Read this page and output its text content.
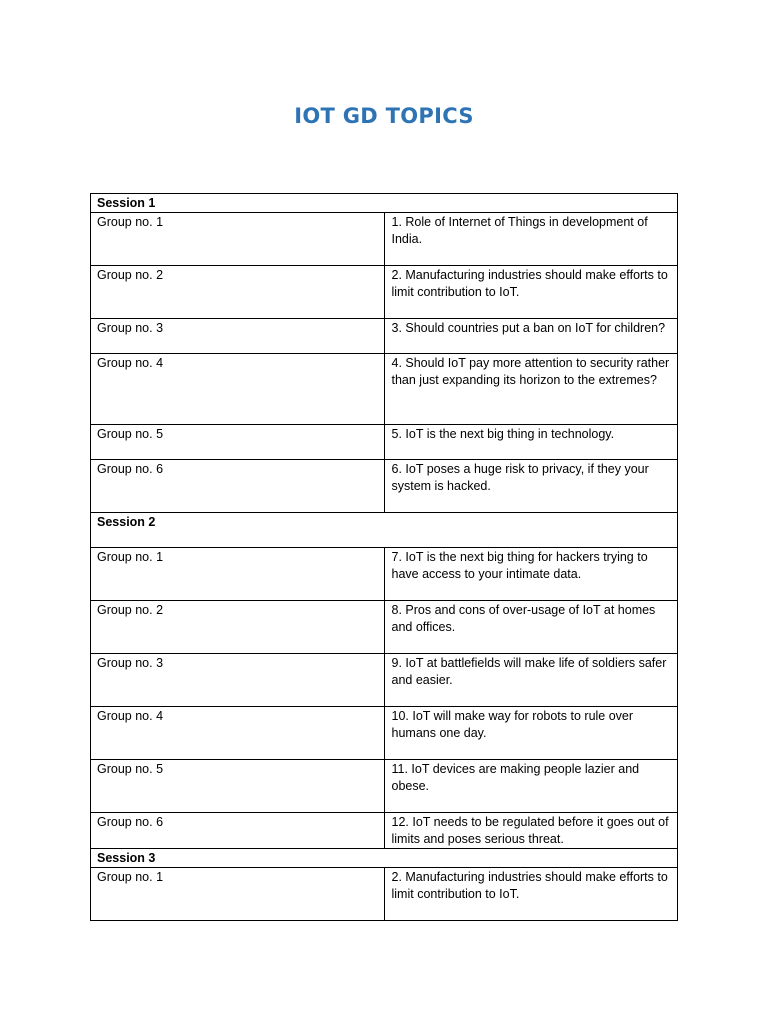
IOT GD TOPICS
Session 1	
Group no. 1	1. Role of Internet of Things in development of India.
Group no. 2	2. Manufacturing industries should make efforts to limit contribution to IoT.
Group no. 3	3. Should countries put a ban on IoT for children?
Group no. 4	4. Should IoT pay more attention to security rather than just expanding its horizon to the extremes?
Group no. 5	5. IoT is the next big thing in technology.
Group no. 6	6. IoT poses a huge risk to privacy, if they your system is hacked.
Session 2	
Group no. 1	7. IoT is the next big thing for hackers trying to have access to your intimate data.
Group no. 2	8. Pros and cons of over-usage of IoT at homes and offices.
Group no. 3	9. IoT at battlefields will make life of soldiers safer and easier.
Group no. 4	10. IoT will make way for robots to rule over humans one day.
Group no. 5	11. IoT devices are making people lazier and obese.
Group no. 6	12. IoT needs to be regulated before it goes out of limits and poses serious threat.
Session 3	
Group no. 1	2. Manufacturing industries should make efforts to limit contribution to IoT.
